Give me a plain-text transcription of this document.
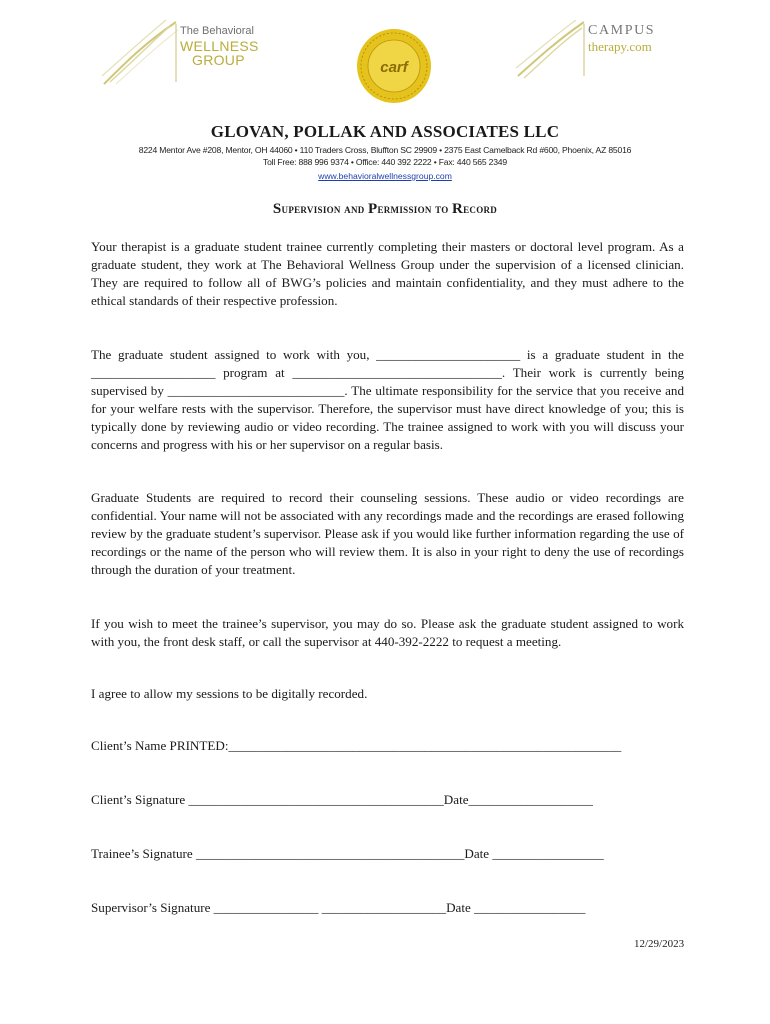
The Behavioral
WELLNESS
GROUP	carf
CAMPUS
therapy.com
GLOVAN, POLLAK AND ASSOCIATES LLC
8224 Mentor Ave #208, Mentor, OH 44060 • 110 Traders Cross, Bluffton SC 29909 • 2375 East Camelback Rd #600, Phoenix, AZ 85016
Toll Free: 888 996 9374 • Office: 440 392 2222 • Fax: 440 565 2349
www.behavioralwellnessgroup.com
Supervision and Permission to Record
Your therapist is a graduate student trainee currently completing their masters or doctoral level program. As a graduate student, they work at The Behavioral Wellness Group under the supervision of a licensed clinician. They are required to follow all of BWG’s policies and maintain confidentiality, and they must adhere to the ethical standards of their respective profession.
The graduate student assigned to work with you, ______________________ is a graduate student in the ___________________ program at ________________________________. Their work is currently being supervised by ___________________________. The ultimate responsibility for the service that you receive and for your welfare rests with the supervisor. Therefore, the supervisor must have direct knowledge of you; this is typically done by reviewing audio or video recording. The trainee assigned to work with you will discuss your concerns and progress with his or her supervisor on a regular basis.
Graduate Students are required to record their counseling sessions. These audio or video recordings are confidential. Your name will not be associated with any recordings made and the recordings are erased following review by the graduate student’s supervisor. Please ask if you would like further information regarding the use of recordings or the name of the person who will review them. It is also in your right to deny the use of recordings through the duration of your treatment.
If you wish to meet the trainee’s supervisor, you may do so. Please ask the graduate student assigned to work with you, the front desk staff, or call the supervisor at 440-392-2222 to request a meeting.
I agree to allow my sessions to be digitally recorded.
Client’s Name PRINTED:____________________________________________________________
Client’s Signature _______________________________________Date___________________
Trainee’s Signature _________________________________________Date _________________
Supervisor’s Signature ________________ ___________________Date _________________
12/29/2023
